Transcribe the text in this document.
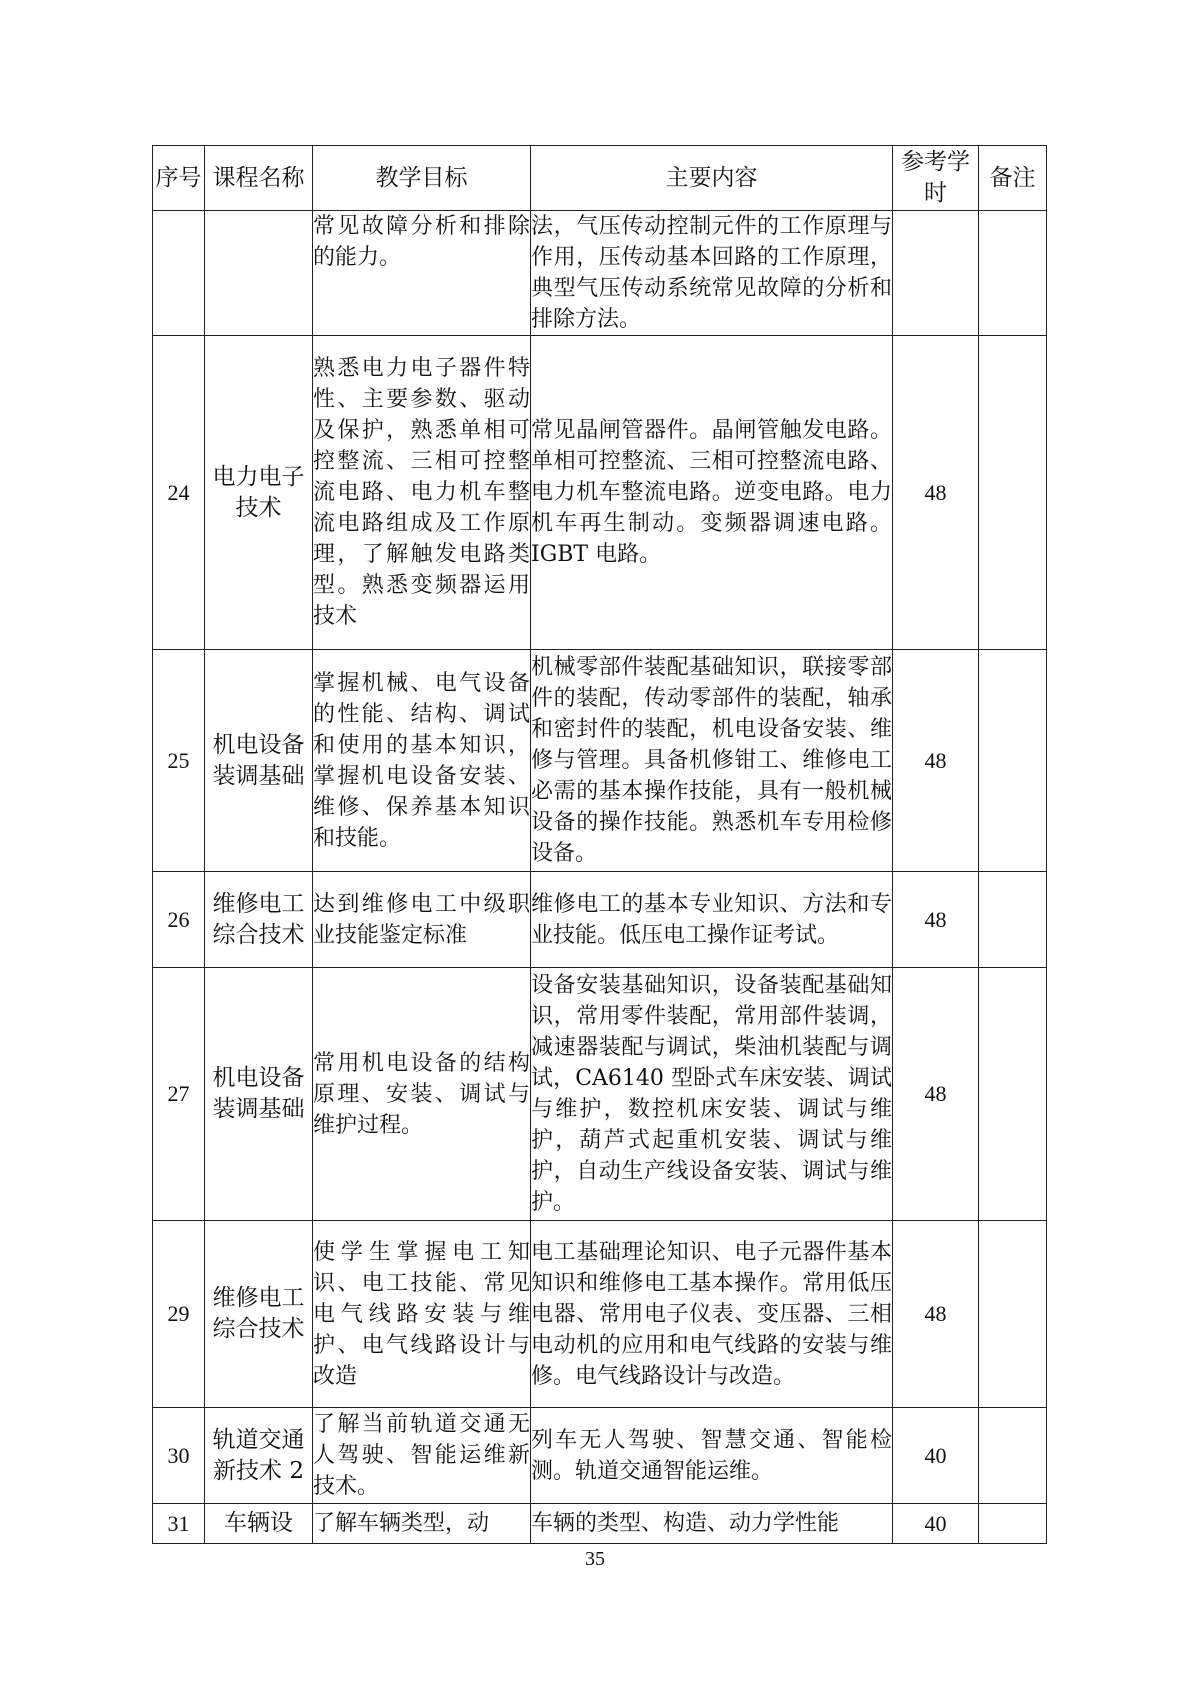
序号	课程名称	教学目标	主要内容	参考学时	备注
		常见故障分析和排除的能力。	法，气压传动控制元件的工作原理与作用，压传动基本回路的工作原理，典型气压传动系统常见故障的分析和排除方法。		
24	电力电子技术	熟悉电力电子器件特性、主要参数、驱动及保护，熟悉单相可控整流、三相可控整流电路、电力机车整流电路组成及工作原理，了解触发电路类型。熟悉变频器运用技术	常见晶闸管器件。晶闸管触发电路。单相可控整流、三相可控整流电路、电力机车整流电路。逆变电路。电力机车再生制动。变频器调速电路。IGBT 电路。	48	
25	机电设备装调基础	掌握机械、电气设备的性能、结构、调试和使用的基本知识，掌握机电设备安装、维修、保养基本知识和技能。	机械零部件装配基础知识，联接零部件的装配，传动零部件的装配，轴承和密封件的装配，机电设备安装、维修与管理。具备机修钳工、维修电工必需的基本操作技能，具有一般机械设备的操作技能。熟悉机车专用检修设备。	48	
26	维修电工综合技术	达到维修电工中级职业技能鉴定标准	维修电工的基本专业知识、方法和专业技能。低压电工操作证考试。	48	
27	机电设备装调基础	常用机电设备的结构原理、安装、调试与维护过程。	设备安装基础知识，设备装配基础知识，常用零件装配，常用部件装调，减速器装配与调试，柴油机装配与调试，CA6140 型卧式车床安装、调试与维护，数控机床安装、调试与维护，葫芦式起重机安装、调试与维护，自动生产线设备安装、调试与维护。	48	
29	维修电工综合技术	使学生掌握电工知识、电工技能、常见电气线路安装与维护、电气线路设计与改造	电工基础理论知识、电子元器件基本知识和维修电工基本操作。常用低压电器、常用电子仪表、变压器、三相电动机的应用和电气线路的安装与维修。电气线路设计与改造。	48	
30	轨道交通新技术 2	了解当前轨道交通无人驾驶、智能运维新技术。	列车无人驾驶、智慧交通、智能检测。轨道交通智能运维。	40	
31	车辆设	了解车辆类型，动	车辆的类型、构造、动力学性能	40	
35
